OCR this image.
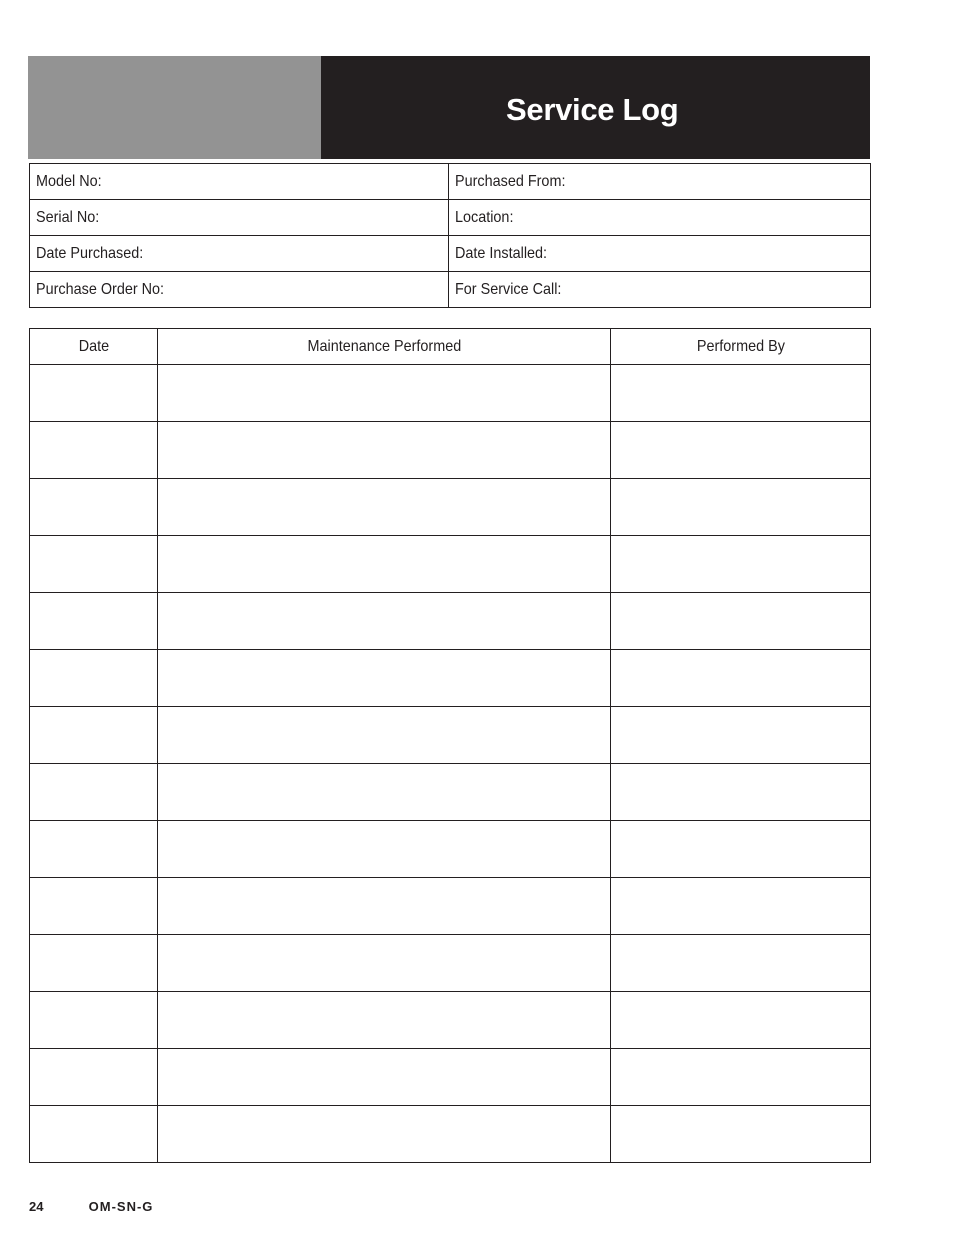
Service Log
Model No:	Purchased From:
Serial No:	Location:
Date Purchased:	Date Installed:
Purchase Order No:	For Service Call:
Date	Maintenance Performed	Performed By

24	OM-SN-G
